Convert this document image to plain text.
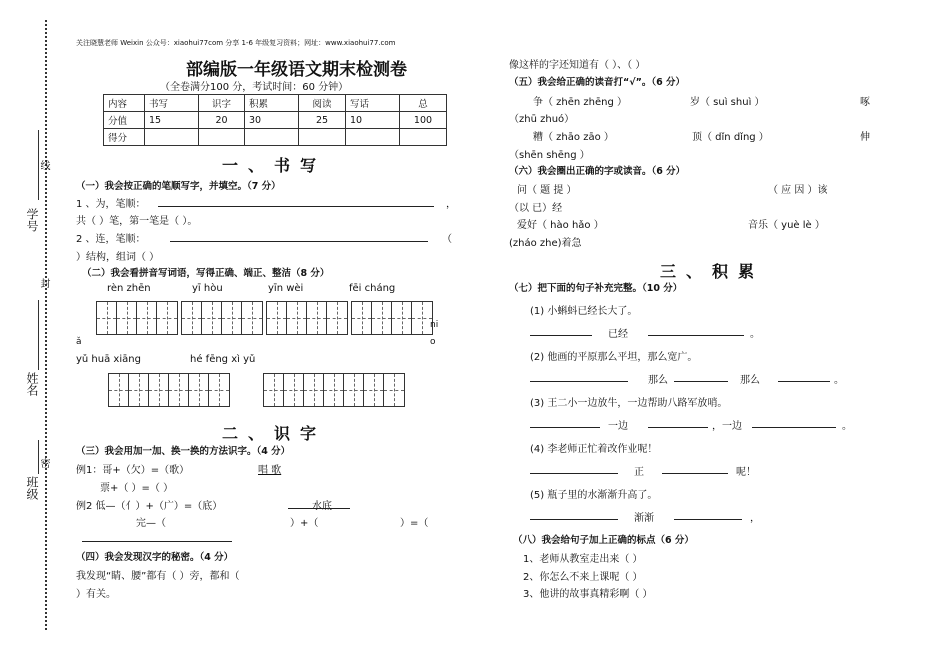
学号
线
封
姓名
班级
密
关注晓慧老师 Weixin 公众号：xiaohui77com 分享 1-6 年级复习资料；网址：www.xiaohui77.com
部编版一年级语文期末检测卷
（全卷满分100 分，考试时间：60 分钟）
内容	书写	识字	积累	阅读	写话	总
分值	15	20	30	25	10	100
得分						
一、书写
（一）我会按正确的笔顺写字，并填空。（7 分）
1 、为，笔顺：	，
共（ ）笔，第一笔是（ ）。
2 、连，笔顺：	（
）结构，组词（ ）
（二）我会看拼音写词语，写得正确、端正、整洁（8 分）
rèn zhēn	yī hòu	yīn wèi	fēi cháng
ni
o
ǎ
yǔ huā xiāng	hé fēng xì yǔ
二、识字
（三）我会用加一加、换一换的方法识字。（4 分）
例1：哥+（欠）=（歌）	唱 歌
票+（ ）=（ ）
例2 低—（亻）+（广）=（底）	水底
完—（	）+（	）=（
（四）我会发现汉字的秘密。（4 分）
我发现“睛、腰”都有（ ）旁，都和（
）有关。
像这样的字还知道有（ ）、（ ）
（五）我会给正确的读音打“√”。（6 分）
争（ zhēn zhēng ）	岁（ suì shuì ）	啄
（zhū zhuó）
糟（ zhāo zāo ）	顶（ dǐn dǐng ）	伸
（shēn shēng ）
（六）我会圈出正确的字或读音。（6 分）
问（ 题 提 ）	（ 应 因 ）该
（以 已）经
爱好（ hào hǎo ）	音乐（ yuè lè ）
(zháo zhe)着急
三、积累
（七）把下面的句子补充完整。（10 分）
(1) 小蝌蚪已经长大了。
已经	。
(2) 他画的平原那么平坦，那么宽广。
那么	那么	。
(3) 王二小一边放牛，一边帮助八路军放哨。
一边	，一边	。
(4) 李老师正忙着改作业呢！
正	呢！
(5) 瓶子里的水渐渐升高了。
渐渐	，
（八）我会给句子加上正确的标点（6 分）
1、老师从教室走出来（ ）
2、你怎么不来上课呢（ ）
3、他讲的故事真精彩啊（ ）
